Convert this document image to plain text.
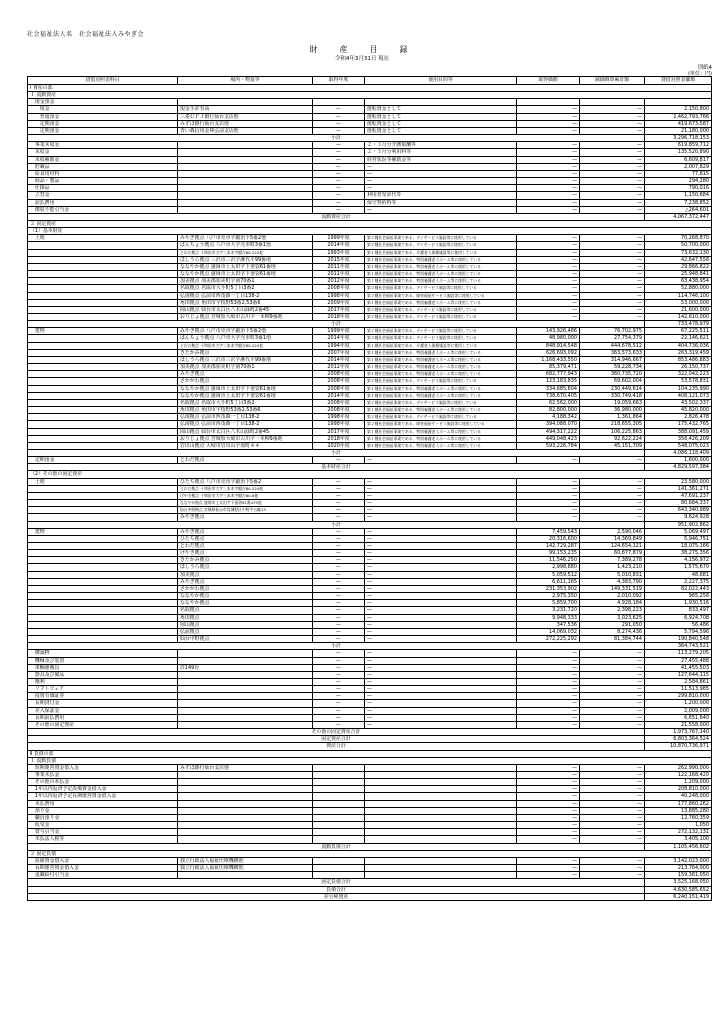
社会福祉法人名　社会福祉法人みやぎ会
財　産　目　録
令和4年3月31日 現在
別紙4
(単位：円)
貸借対照表科目	場所・物量等	取得年度	使用目的等	取得価額	減価償却累計額	貸借対照表価額
Ⅰ 資産の部						
１ 流動資産						
　現金預金						
　　現金	現金手許有高	—	運転資金として	—	—	2,150,800
　　普通預金	三菱ＵＦＪ銀行仙台支店他	—	運転資金として	—	—	2,462,793,766
　　定期預金	みずほ銀行仙台支店他	—	運転資金として	—	—	419,673,587
　　定期預金	青い森信用金庫弘前支店他	—	運転資金として	—	—	21,180,000
小計						3,296,718,153
　事業未収金		—	２・３月分介護報酬等	—	—	619,859,712
　未収金		—	２・３月分利用料等	—	—	135,520,890
　未収補助金		—	経営状況等補助金等	—	—	6,609,817
　貯蔵品		—	—	—	—	2,007,829
　給食用材料		—	—	—	—	77,815
　商品・製品		—	—	—	—	294,280
　仕掛品		—	—	—	—	790,016
　立替金		—	利用者受診代等	—	—	1,150,684
　前払費用		—	保守契約料等	—	—	7,238,852
　徴収不能引当金		—	—	—	—	△264,601
流動資産合計						4,067,372,447
２ 固定資産						
（1）基本財産						
　土地	みやぎ拠点 八戸市売市字鍛治下5番2他	1999年度	第２種社会福祉事業である、デイサービス施設等に使用している	—	—	70,268,870
	ぱんちょう拠点 八戸市大字売市町3番1他	2014年度	第２種社会福祉事業である、デイサービス施設等に使用している	—	—	50,700,000
	とわだ拠点 十和田市大字三本木字稲吉80-222他	1993年度	第１種社会福祉事業である、介護老人保健施設等に使用している	—	—	73,632,130
	ほしうら拠点 三沢市三沢字淋代平99番地	2015年度	第１種社会福祉事業である、特別養護老人ホーム等に使用している	—	—	42,647,558
	ななやか拠点 盛岡市上太田字下釜袋61番地	2011年度	第１種社会福祉事業である、特別養護老人ホーム等に使用している	—	—	29,866,822
	ななやか拠点 盛岡市上太田字下釜袋61番地	2011年度	第１種社会福祉事業である、特別養護老人ホーム等に使用している	—	—	25,948,841
	加美拠点 加美郡加美町宇南70番1	2012年度	第１種社会福祉事業である、特別養護老人ホーム等に使用している	—	—	63,438,954
	名取拠点 名取市大手町5丁目3番2	2008年度	第２種社会福祉事業である、デイサービス施設等に使用している	—	—	52,880,000
	弘南拠点 弘前市西茂森一丁目138-2	1998年度	第２種社会福祉事業である、障害福祉サービス施設等に使用している	—	—	114,746,100
	角田拠点 角田市字枝野53番2,53番6	2009年度	第１種社会福祉事業である、特別養護老人ホーム等に使用している	—	—	53,000,000
	岡山拠点 仙台市太白区八木山緑町2番45	2017年度	第２種社会福祉事業である、デイサービス施設等に使用している	—	—	21,600,000
	おりじょ拠点 宮城県大崎市古川字一本柳9番地	2018年度	第２種社会福祉事業である、デイサービス施設等に使用している	—	—	142,610,000
小計						733,478,979
　建物	みやぎ拠点 八戸市売市字鍛治下5番2他	1999年度	第２種社会福祉事業である、デイサービス施設等に使用している	143,926,486	76,702,975	67,225,511
	ぱんちょう拠点 八戸市大字売市町3番1他	2014年度	第２種社会福祉事業である、デイサービス施設等に使用している	48,980,000	27,754,379	22,146,621
	とわだ拠点 十和田市大字三本木字稲吉80-222他	1994年度	第１種社会福祉事業である、介護老人保健施設等に使用している	848,914,548	444,678,512	404,736,036
	きたかみ拠点	2007年度	第１種社会福祉事業である、特別養護老人ホーム等に使用している	626,693,092	363,573,633	263,319,459
	ほしうら拠点 三沢市三沢字淋代平99番地	2014年度	第１種社会福祉事業である、特別養護老人ホーム等に使用している	1,168,433,550	314,946,667	853,486,883
	加美拠点 加美郡加美町宇南70番1	2012年度	第１種社会福祉事業である、特別養護老人ホーム等に使用している	85,379,471	59,228,734	26,150,737
	みやぎ拠点	2008年度	第１種社会福祉事業である、特別養護老人ホーム等に使用している	682,777,943	360,735,720	322,042,223
	さかがわ拠点	2008年度	第２種社会福祉事業である、デイサービス施設等に使用している	123,183,835	69,602,004	53,578,831
	ななやか拠点 盛岡市上太田字下釜袋61番地	2008年度	第１種社会福祉事業である、特別養護老人ホーム等に使用している	334,685,604	230,449,614	104,235,990
	ななやか拠点 盛岡市上太田字下釜袋61番地	2014年度	第１種社会福祉事業である、特別養護老人ホーム等に使用している	738,670,405	330,749,418	408,121,073
	名取拠点 名取市大手町5丁目3番2	2008年度	第２種社会福祉事業である、デイサービス施設等に使用している	62,562,000	19,059,663	43,502,337
	角田拠点 角田市字枝野53番2,53番6	2008年度	第１種社会福祉事業である、特別養護老人ホーム等に使用している	82,800,000	36,980,000	45,820,000
	弘南拠点 弘前市西茂森一丁目138-2	1998年度	第２種社会福祉事業である、デイサービス施設等に使用している	4,188,342	1,361,864	2,826,478
	弘南拠点 弘前市西茂森一丁目138-2	1998年度	第２種社会福祉事業である、障害福祉サービス施設等に使用している	394,088,070	218,655,305	175,432,765
	岡山拠点 仙台市太白区八木山緑町2番45	2017年度	第１種社会福祉事業である、特別養護老人ホーム等に使用している	494,317,222	106,225,863	388,091,459
	おりじょ拠点 宮城県大崎市古川字一本柳9番地	2018年度	第１種社会福祉事業である、特別養護老人ホーム等に使用している	449,048,423	92,622,224	356,426,209
	岩出山拠点 大崎市岩出山字南町４４	2020年度	第１種社会福祉事業である、特別養護老人ホーム等に使用している	593,226,784	45,151,709	548,075,023
小計						4,086,118,409
　定期預金	とわだ拠点	—	—	—	—	1,600,000
基本財産合計						4,829,597,384
（2）その他の固定資産						
　土地	ひたち拠点 八戸市売市字鍛治下5番2	—	—	—	—	23,580,000
	とわだ拠点 十和田市大字三本木字稲吉80-224他	—	—	—	—	141,361,271
	げやき拠点 十和田市大字三本木字稲吉80-6他	—	—	—	—	47,691,237
	ななやか拠点 盛岡市上太田字下釜袋61番475他	—	—	—	—	80,684,337
	仙台中野拠点 宮城県仙台市宮城野区中野字五輪13	—	—	—	—	643,340,989
	みやぎ拠点	—	—	—	—	9,624,928
小計						951,902,862
　建物	みやぎ拠点	—	—	7,459,543	2,590,046	5,069,497
	ひたち拠点	—	—	20,316,600	14,369,849	5,946,751
	とわだ拠点	—	—	142,729,287	124,654,121	18,075,166
	げやき拠点	—	—	99,153,235	60,877,879	38,275,356
	きたかみ拠点	—	—	11,546,250	7,389,278	4,156,972
	ほしうら拠点	—	—	2,998,880	1,423,210	1,575,670
	加美拠点	—	—	5,059,512	5,010,831	48,681
	みやぎ拠点	—	—	6,611,165	4,383,790	2,227,375
	さかがわ拠点	—	—	231,353,902	149,331,519	82,022,443
	ななやか拠点	—	—	2,975,350	2,010,092	965,258
	ななやか拠点	—	—	5,859,700	4,928,184	1,930,516
	名取拠点	—	—	3,231,720	2,398,223	833,497
	角田拠点	—	—	9,948,333	3,023,625	6,924,708
	岡山拠点	—	—	347,536	291,050	56,486
	弘前拠点	—	—	14,069,032	8,274,436	5,794,596
	仙台中野拠点	—	—	272,225,292	81,384,744	190,840,548
小計						364,743,521
　構築物		—	—	—	—	113,279,205
　機械及び装置		—	—	—	—	27,455,488
　車輌運搬具	計149台	—	—	—	—	41,455,503
　器具及び備品		—	—	—	—	127,644,115
　権利		—	—	—	—	2,584,861
　ソフトウェア		—	—	—	—	11,513,985
　投資有価証券		—	—	—	—	299,810,000
　長期貸付金		—	—	—	—	1,200,000
　差入保証金		—	—	—	—	2,009,000
　長期前払費用		—	—	—	—	6,651,640
　その他の固定資産		—	—	—	—	21,558,000
その他の固定資産合計						1,973,767,140
固定資産合計						6,803,364,524
資産合計						10,870,736,971
Ⅱ 負債の部						
１ 流動負債						
　短期運営資金借入金	みずほ銀行仙台支店他			—	—	262,990,000
　事業未払金				—	—	122,168,420
　その他の未払金				—	—	1,209,000
　1年以内返済予定設備資金借入金				—	—	208,810,000
　1年以内返済予定長期運営資金借入金				—	—	40,248,000
　未払費用				—	—	177,860,262
　預り金				—	—	13,885,280
　職員預り金				—	—	12,760,359
　仮受金				—	—	1,050
　賞与引当金				—	—	272,132,131
　未払法人税等				—	—	3,405,100
流動負債合計						1,105,456,602
２ 固定負債						
　設備資金借入金	独立行政法人福祉医療機構他			—	—	3,142,023,000
　長期運営資金借入金	独立行政法人福祉医療機構他			—	—	213,764,000
　退職給付引当金				—	—	159,381,050
固定負債合計						3,525,168,050
負債合計						4,630,585,652
差引純資産						6,240,151,419
